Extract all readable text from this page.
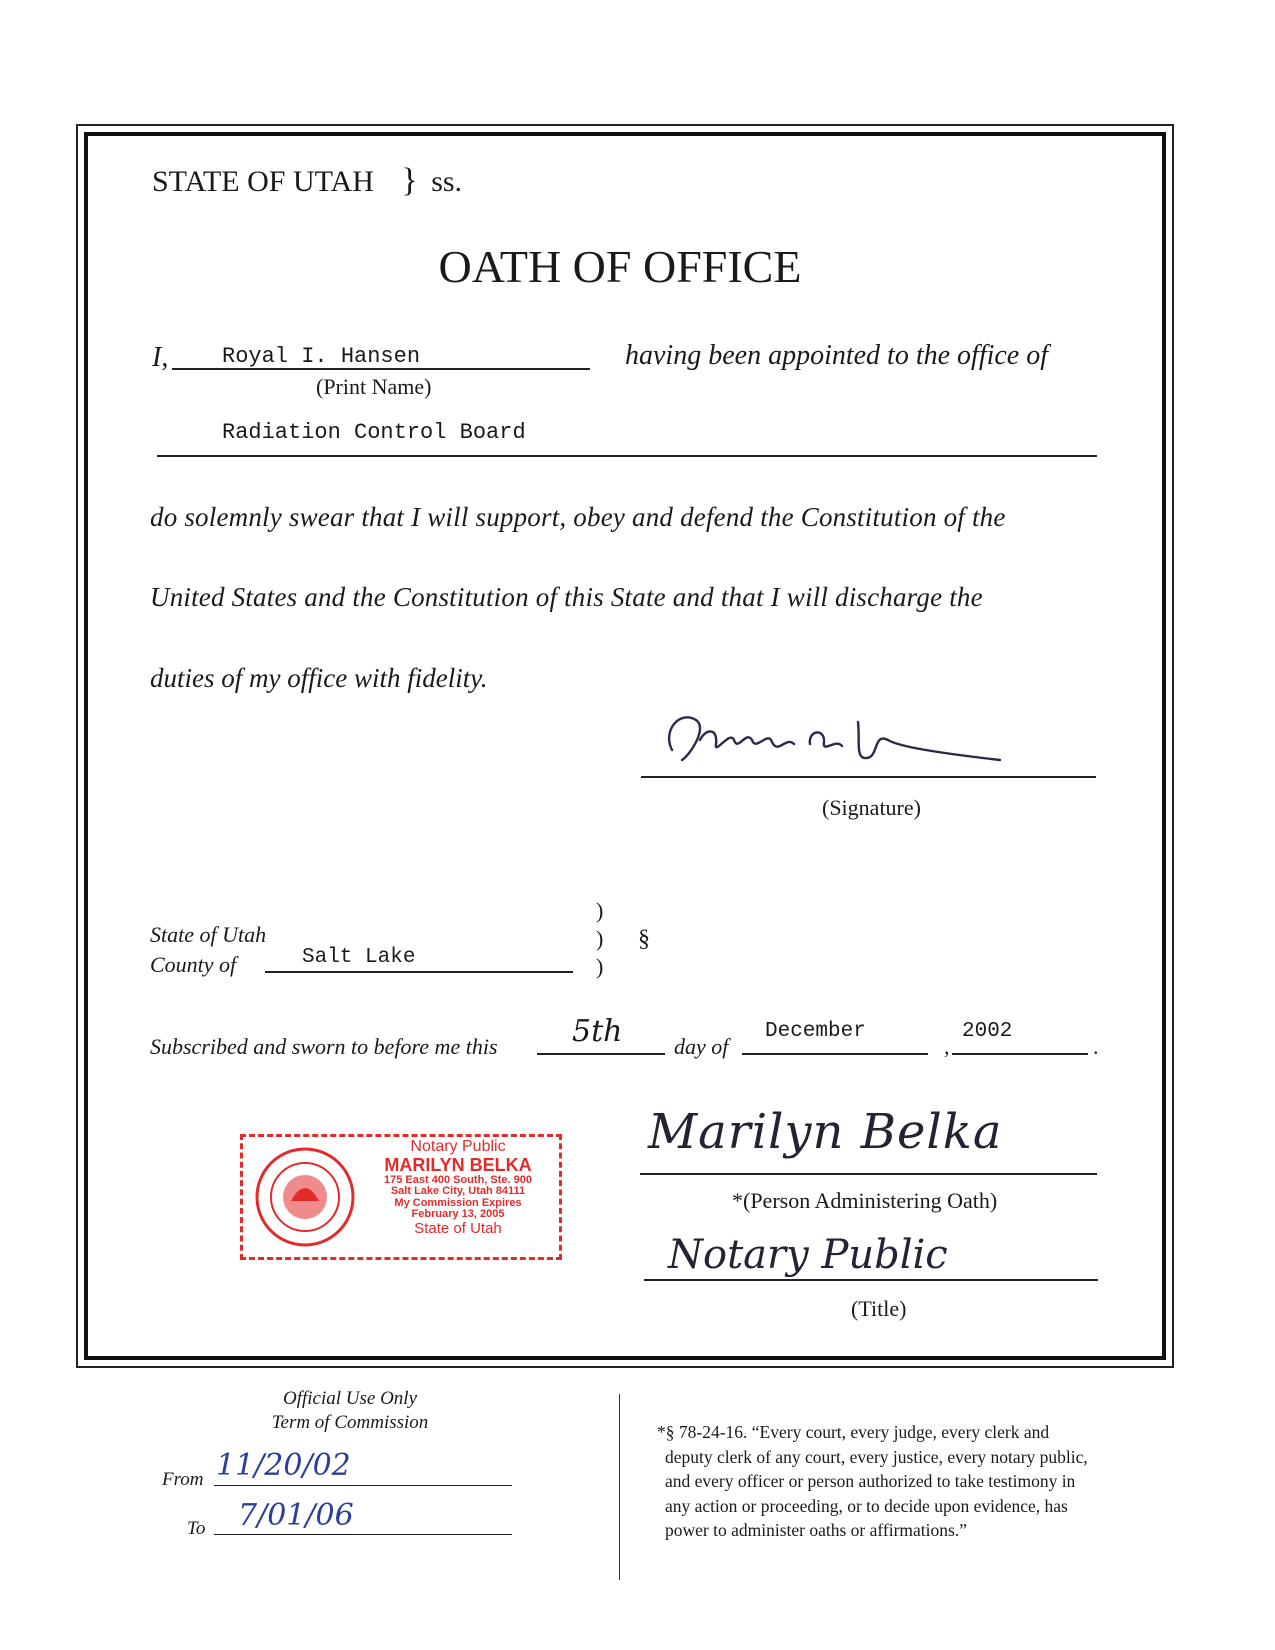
STATE OF UTAH } ss.
OATH OF OFFICE
I, Royal I. Hansen
(Print Name)
having been appointed to the office of
Radiation Control Board
do solemnly swear that I will support, obey and defend the Constitution of the
United States and the Constitution of this State and that I will discharge the
duties of my office with fidelity.
(Signature)
State of Utah
County of	Salt Lake
)
)
)
§
Subscribed and sworn to before me this 5th day of
December
,
2002
.
Notary Public
MARILYN BELKA
175 East 400 South, Ste. 900
Salt Lake City, Utah 84111
My Commission Expires
February 13, 2005
State of Utah
Marilyn Belka
*(Person Administering Oath)
Notary Public
(Title)
Official Use Only
Term of Commission
From 11/20/02
To 7/01/06
*§ 78-24-16. “Every court, every judge, every clerk and
deputy clerk of any court, every justice, every notary public,
and every officer or person authorized to take testimony in
any action or proceeding, or to decide upon evidence, has
power to administer oaths or affirmations.”
